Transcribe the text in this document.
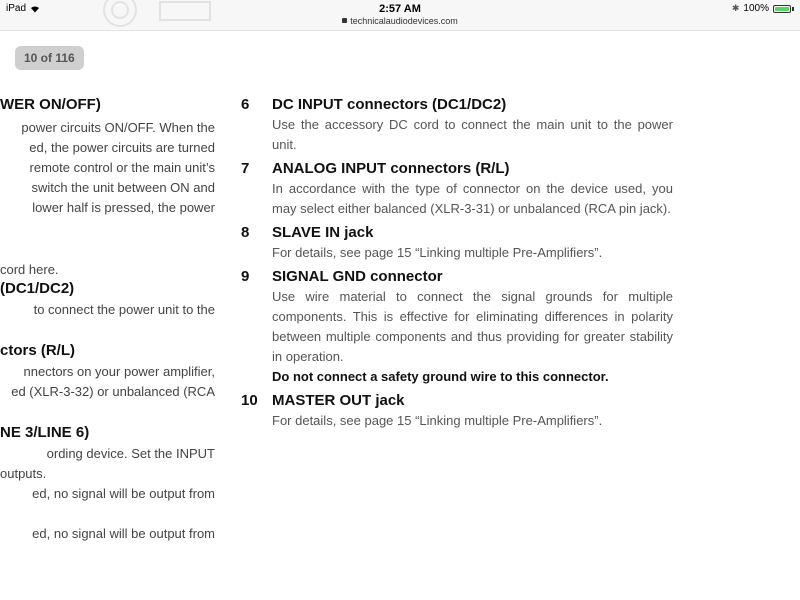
iPad	2:57 AM
technicalaudiodevices.com
✱ 100%
10 of 116
WER ON/OFF)
power circuits ON/OFF. When the
ed, the power circuits are turned
remote control or the main unit’s
switch the unit between ON and
lower half is pressed, the power
cord here.
(DC1/DC2)
to connect the power unit to the
ctors (R/L)
nnectors on your power amplifier,
ed (XLR-3-32) or unbalanced (RCA
NE 3/LINE 6)
ording device. Set the INPUT
outputs.
ed, no signal will be output from
ed, no signal will be output from
6 DC INPUT connectors (DC1/DC2)
Use the accessory DC cord to connect the main unit to the power unit.
7 ANALOG INPUT connectors (R/L)
In accordance with the type of connector on the device used, you may select either balanced (XLR-3-31) or unbalanced (RCA pin jack).
8 SLAVE IN jack
For details, see page 15 “Linking multiple Pre-Amplifiers”.
9 SIGNAL GND connector
Use wire material to connect the signal grounds for multiple components. This is effective for eliminating differences in polarity between multiple components and thus providing for greater stability in operation.
Do not connect a safety ground wire to this connector.
10 MASTER OUT jack
For details, see page 15 “Linking multiple Pre-Amplifiers”.
